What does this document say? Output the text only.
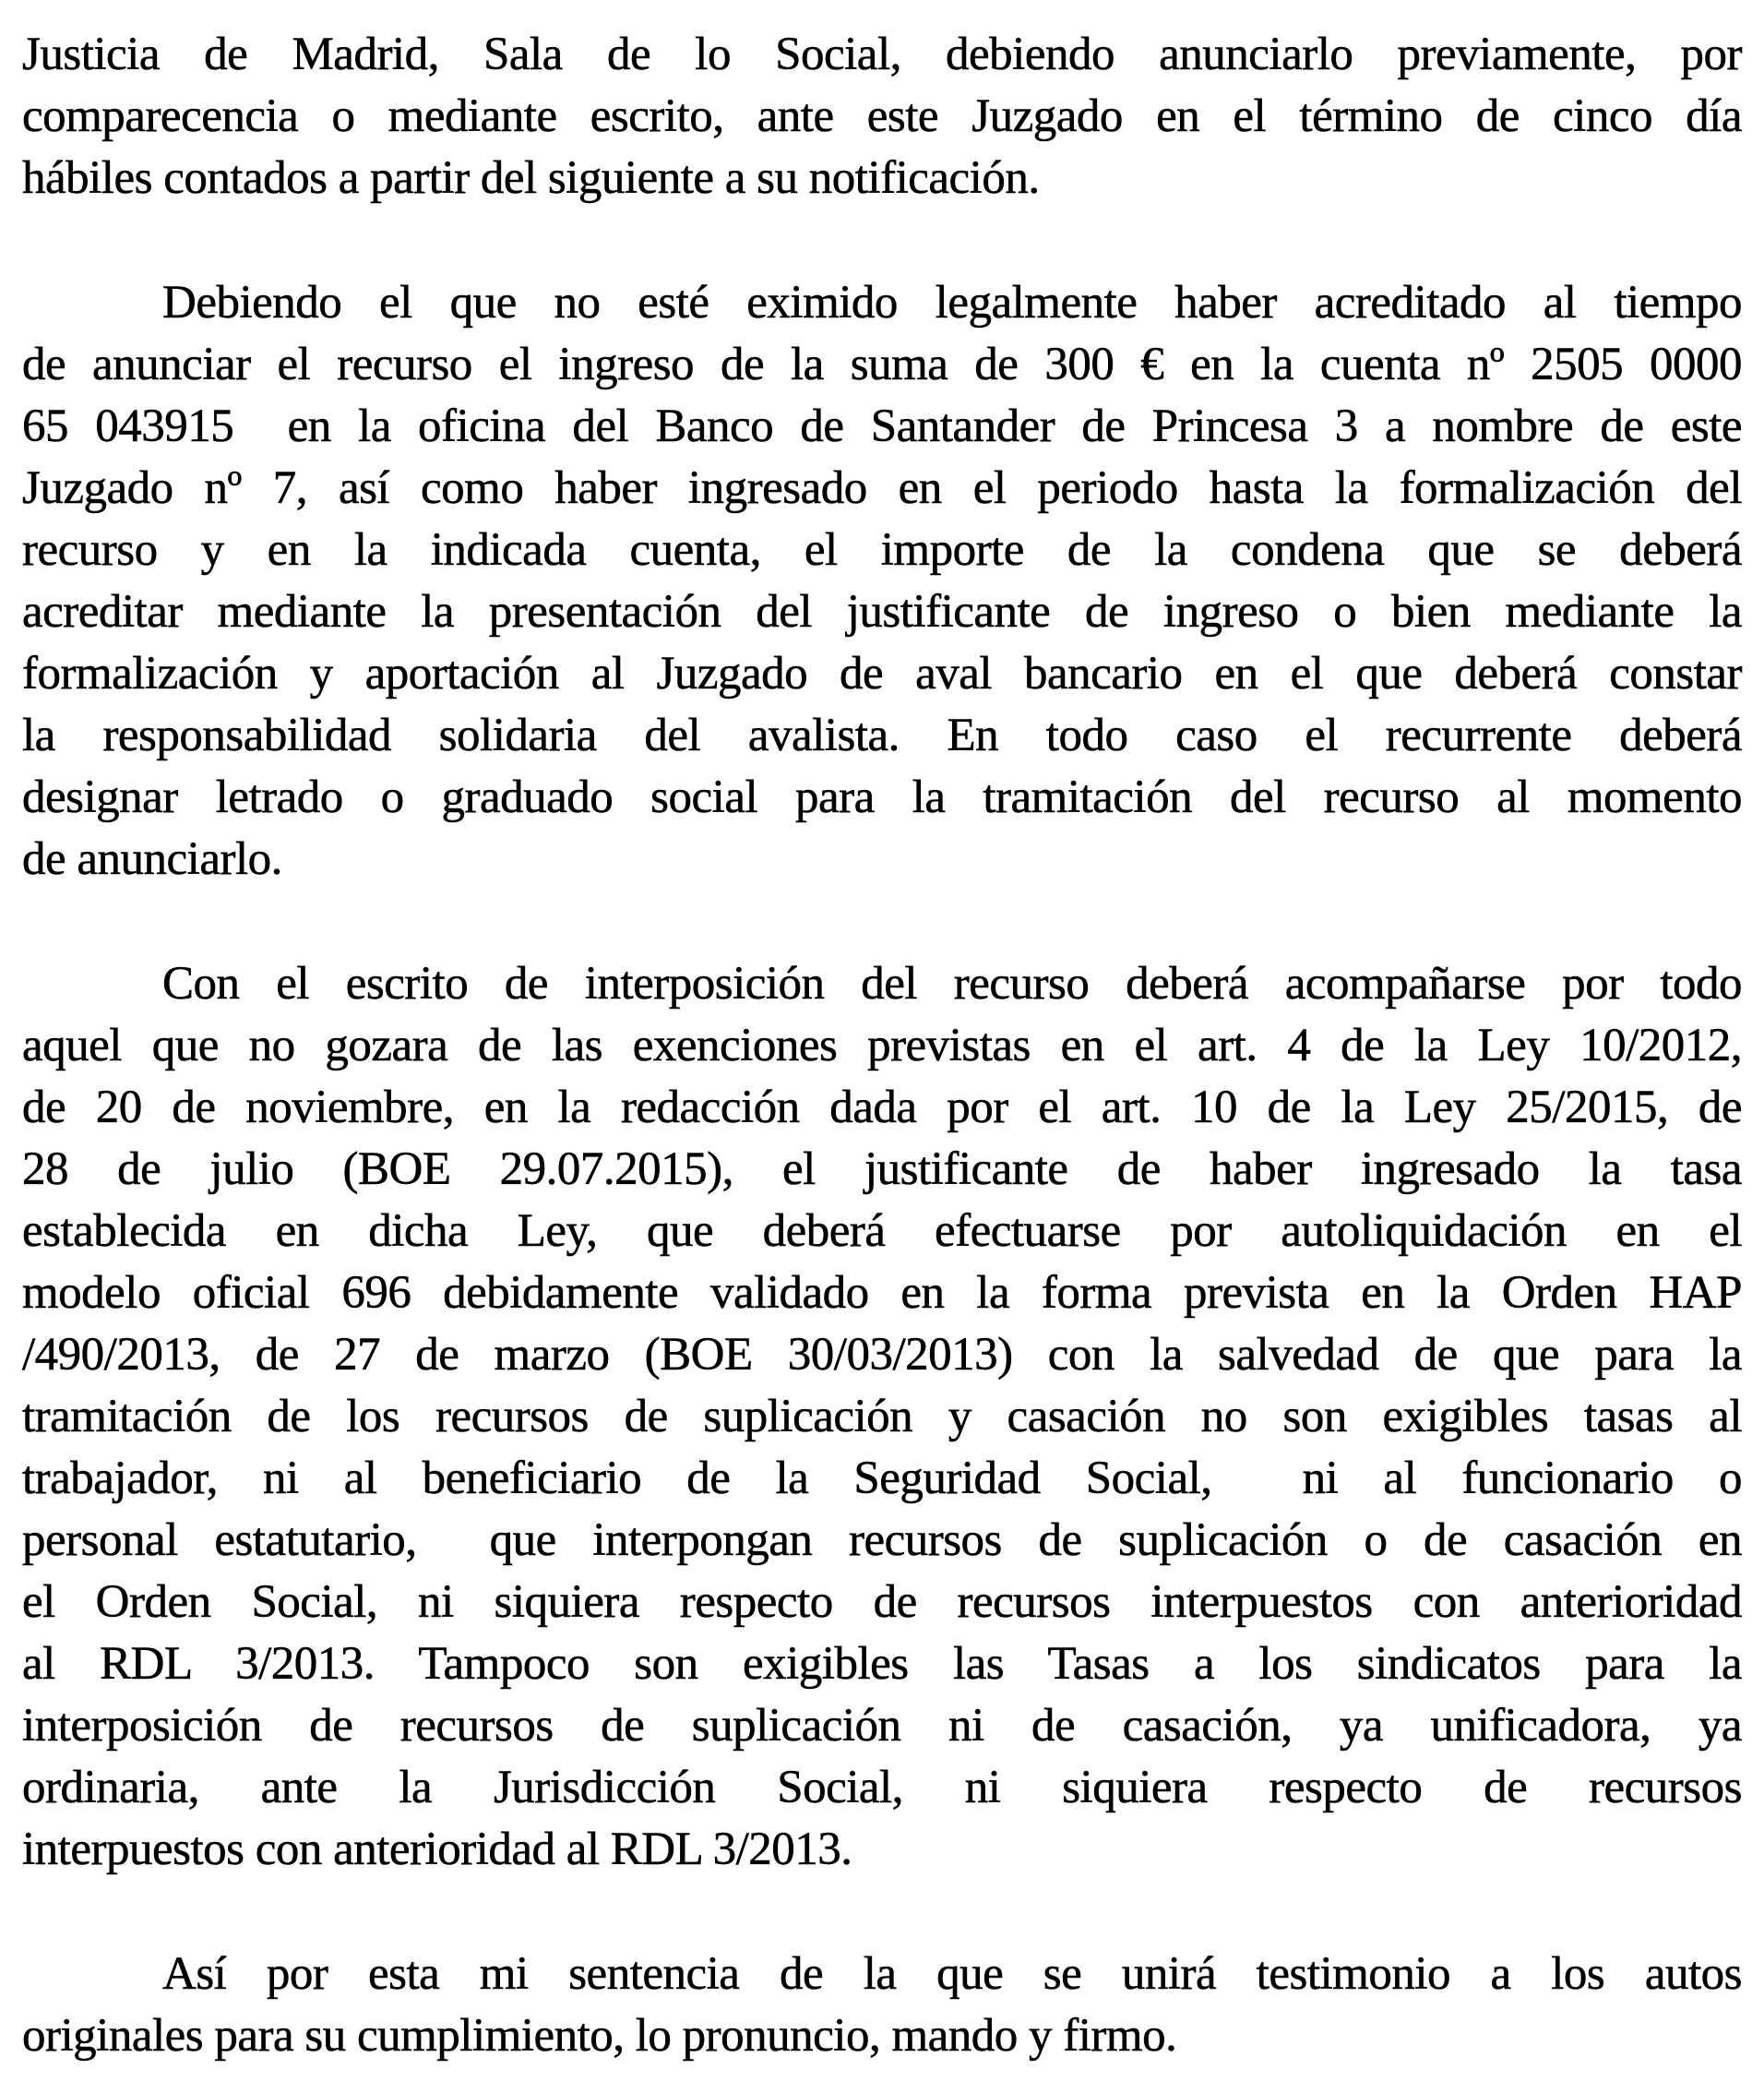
Justicia de Madrid, Sala de lo Social, debiendo anunciarlo previamente, por
comparecencia o mediante escrito, ante este Juzgado en el término de cinco día
hábiles contados a partir del siguiente a su notificación.

Debiendo el que no esté eximido legalmente haber acreditado al tiempo
de anunciar el recurso el ingreso de la suma de 300 € en la cuenta nº 2505 0000
65 043915  en la oficina del Banco de Santander de Princesa 3 a nombre de este
Juzgado nº 7, así como haber ingresado en el periodo hasta la formalización del
recurso y en la indicada cuenta, el importe de la condena que se deberá
acreditar mediante la presentación del justificante de ingreso o bien mediante la
formalización y aportación al Juzgado de aval bancario en el que deberá constar
la responsabilidad solidaria del avalista. En todo caso el recurrente deberá
designar letrado o graduado social para la tramitación del recurso al momento
de anunciarlo.

Con el escrito de interposición del recurso deberá acompañarse por todo
aquel que no gozara de las exenciones previstas en el art. 4 de la Ley 10/2012,
de 20 de noviembre, en la redacción dada por el art. 10 de la Ley 25/2015, de
28 de julio (BOE 29.07.2015), el justificante de haber ingresado la tasa
establecida en dicha Ley, que deberá efectuarse por autoliquidación en el
modelo oficial 696 debidamente validado en la forma prevista en la Orden HAP
/490/2013, de 27 de marzo (BOE 30/03/2013) con la salvedad de que para la
tramitación de los recursos de suplicación y casación no son exigibles tasas al
trabajador, ni al beneficiario de la Seguridad Social,  ni al funcionario o
personal estatutario,  que interpongan recursos de suplicación o de casación en
el Orden Social, ni siquiera respecto de recursos interpuestos con anterioridad
al RDL 3/2013. Tampoco son exigibles las Tasas a los sindicatos para la
interposición de recursos de suplicación ni de casación, ya unificadora, ya
ordinaria, ante la Jurisdicción Social, ni siquiera respecto de recursos
interpuestos con anterioridad al RDL 3/2013.

Así por esta mi sentencia de la que se unirá testimonio a los autos
originales para su cumplimiento, lo pronuncio, mando y firmo.
